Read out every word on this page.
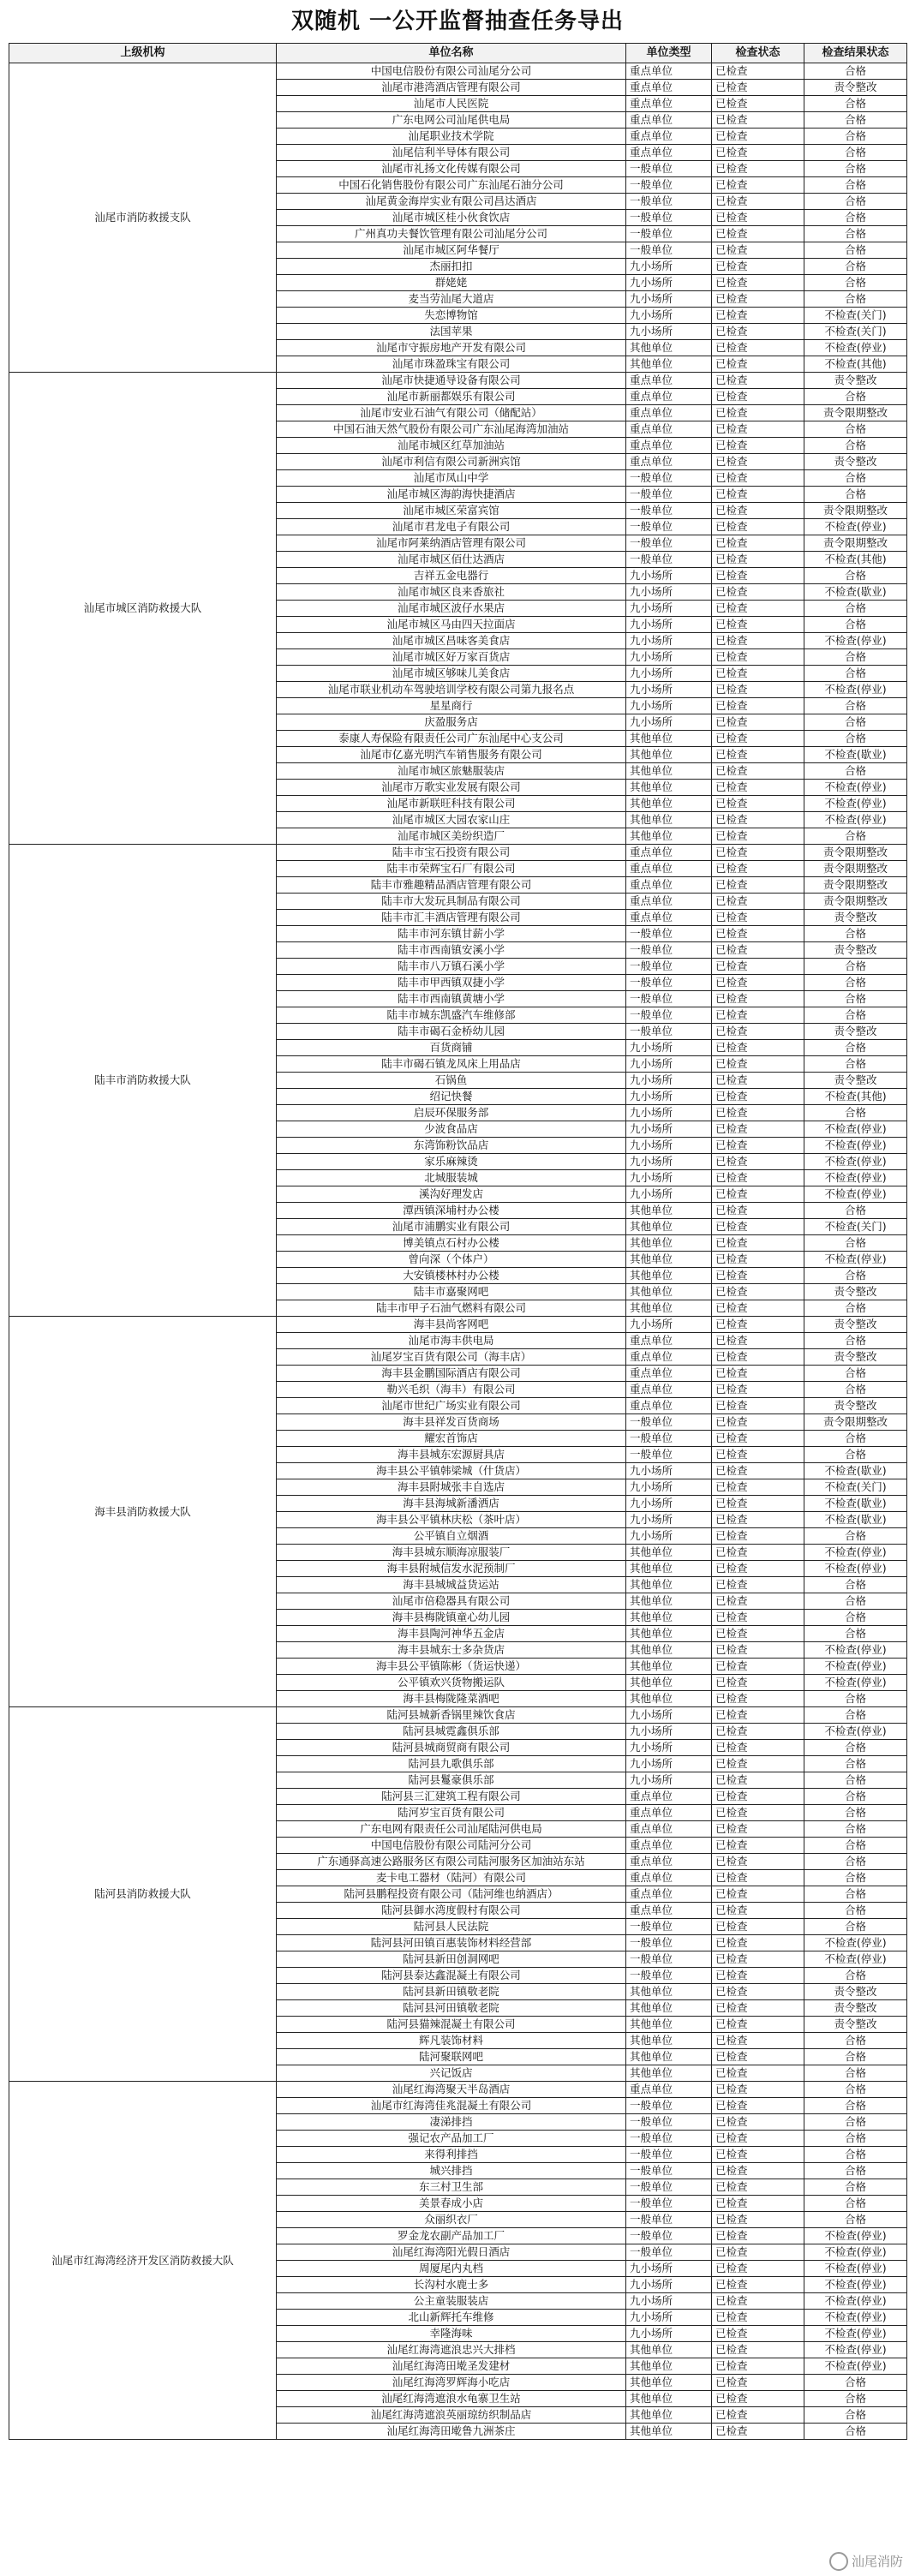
双随机 一公开监督抽查任务导出
上级机构	单位名称	单位类型	检查状态	检查结果状态
汕尾市消防救援支队	中国电信股份有限公司汕尾分公司	重点单位	已检查	合格
	汕尾市港湾酒店管理有限公司	重点单位	已检查	责令整改
	汕尾市人民医院	重点单位	已检查	合格
	广东电网公司汕尾供电局	重点单位	已检查	合格
	汕尾职业技术学院	重点单位	已检查	合格
	汕尾信利半导体有限公司	重点单位	已检查	合格
	汕尾市礼扬文化传媒有限公司	一般单位	已检查	合格
	中国石化销售股份有限公司广东汕尾石油分公司	一般单位	已检查	合格
	汕尾黄金海岸实业有限公司昌达酒店	一般单位	已检查	合格
	汕尾市城区桂小伙食饮店	一般单位	已检查	合格
	广州真功夫餐饮管理有限公司汕尾分公司	一般单位	已检查	合格
	汕尾市城区阿华餐厅	一般单位	已检查	合格
	杰丽扣扣	九小场所	已检查	合格
	群姥姥	九小场所	已检查	合格
	麦当劳汕尾大道店	九小场所	已检查	合格
	失恋博物馆	九小场所	已检查	不检查(关门)
	法国苹果	九小场所	已检查	不检查(关门)
	汕尾市守振房地产开发有限公司	其他单位	已检查	不检查(停业)
	汕尾市珠盈珠宝有限公司	其他单位	已检查	不检查(其他)
汕尾市城区消防救援大队	汕尾市快捷通导设备有限公司	重点单位	已检查	责令整改
	汕尾市新丽都娱乐有限公司	重点单位	已检查	合格
	汕尾市安业石油气有限公司（储配站）	重点单位	已检查	责令限期整改
	中国石油天然气股份有限公司广东汕尾海湾加油站	重点单位	已检查	合格
	汕尾市城区红草加油站	重点单位	已检查	合格
	汕尾市利信有限公司新洲宾馆	重点单位	已检查	责令整改
	汕尾市凤山中学	一般单位	已检查	合格
	汕尾市城区海韵海快捷酒店	一般单位	已检查	合格
	汕尾市城区荣富宾馆	一般单位	已检查	责令限期整改
	汕尾市君龙电子有限公司	一般单位	已检查	不检查(停业)
	汕尾市阿莱纳酒店管理有限公司	一般单位	已检查	责令限期整改
	汕尾市城区佰仕达酒店	一般单位	已检查	不检查(其他)
	吉祥五金电器行	九小场所	已检查	合格
	汕尾市城区良来香旅社	九小场所	已检查	不检查(歇业)
	汕尾市城区波仔水果店	九小场所	已检查	合格
	汕尾市城区马由四天拉面店	九小场所	已检查	合格
	汕尾市城区昌味客美食店	九小场所	已检查	不检查(停业)
	汕尾市城区好万家百货店	九小场所	已检查	合格
	汕尾市城区够味儿美食店	九小场所	已检查	合格
	汕尾市联业机动车驾驶培训学校有限公司第九报名点	九小场所	已检查	不检查(停业)
	星星商行	九小场所	已检查	合格
	庆盈服务店	九小场所	已检查	合格
	泰康人寿保险有限责任公司广东汕尾中心支公司	其他单位	已检查	合格
	汕尾市亿嘉光明汽车销售服务有限公司	其他单位	已检查	不检查(歇业)
	汕尾市城区旅魅服装店	其他单位	已检查	合格
	汕尾市万歌实业发展有限公司	其他单位	已检查	不检查(停业)
	汕尾市新联旺科技有限公司	其他单位	已检查	不检查(停业)
	汕尾市城区大园农家山庄	其他单位	已检查	不检查(停业)
	汕尾市城区美纷织造厂	其他单位	已检查	合格
陆丰市消防救援大队	陆丰市宝石投资有限公司	重点单位	已检查	责令限期整改
	陆丰市荣辉宝石厂有限公司	重点单位	已检查	责令限期整改
	陆丰市雅趣精品酒店管理有限公司	重点单位	已检查	责令限期整改
	陆丰市大发玩具制品有限公司	重点单位	已检查	责令限期整改
	陆丰市汇丰酒店管理有限公司	重点单位	已检查	责令整改
	陆丰市河东镇甘薪小学	一般单位	已检查	合格
	陆丰市西南镇安溪小学	一般单位	已检查	责令整改
	陆丰市八万镇石溪小学	一般单位	已检查	合格
	陆丰市甲西镇双捷小学	一般单位	已检查	合格
	陆丰市西南镇黄塘小学	一般单位	已检查	合格
	陆丰市城东凯盛汽车维修部	一般单位	已检查	合格
	陆丰市碣石金桥幼儿园	一般单位	已检查	责令整改
	百货商铺	九小场所	已检查	合格
	陆丰市碣石镇龙凤床上用品店	九小场所	已检查	合格
	石锅鱼	九小场所	已检查	责令整改
	绍记快餐	九小场所	已检查	不检查(其他)
	启辰环保服务部	九小场所	已检查	合格
	少波食品店	九小场所	已检查	不检查(停业)
	东湾饰粉饮品店	九小场所	已检查	不检查(停业)
	家乐麻辣烫	九小场所	已检查	不检查(停业)
	北城服装城	九小场所	已检查	不检查(停业)
	溪沟好理发店	九小场所	已检查	不检查(停业)
	潭西镇深埔村办公楼	其他单位	已检查	合格
	汕尾市浦鹏实业有限公司	其他单位	已检查	不检查(关门)
	博美镇点石村办公楼	其他单位	已检查	合格
	曾向深（个体户）	其他单位	已检查	不检查(停业)
	大安镇楼林村办公楼	其他单位	已检查	合格
	陆丰市嘉聚网吧	其他单位	已检查	责令整改
	陆丰市甲子石油气燃料有限公司	其他单位	已检查	合格
海丰县消防救援大队	海丰县尚客网吧	九小场所	已检查	责令整改
	汕尾市海丰供电局	重点单位	已检查	合格
	汕尾岁宝百货有限公司（海丰店）	重点单位	已检查	责令整改
	海丰县金鹏国际酒店有限公司	重点单位	已检查	合格
	勒兴毛织（海丰）有限公司	重点单位	已检查	合格
	汕尾市世纪广场实业有限公司	重点单位	已检查	责令整改
	海丰县祥发百货商场	一般单位	已检查	责令限期整改
	耀宏首饰店	一般单位	已检查	合格
	海丰县城东宏源厨具店	一般单位	已检查	合格
	海丰县公平镇韩梁城（什货店）	九小场所	已检查	不检查(歇业)
	海丰县附城张丰自选店	九小场所	已检查	不检查(关门)
	海丰县海城新潘洒店	九小场所	已检查	不检查(歇业)
	海丰县公平镇林庆松（茶叶店）	九小场所	已检查	不检查(歇业)
	公平镇自立烟酒	九小场所	已检查	合格
	海丰县城东顺海凉服装厂	其他单位	已检查	不检查(停业)
	海丰县附城信发水泥预制厂	其他单位	已检查	不检查(停业)
	海丰县城城益货运站	其他单位	已检查	合格
	汕尾市倍稳器具有限公司	其他单位	已检查	合格
	海丰县梅陇镇童心幼儿园	其他单位	已检查	合格
	海丰县陶河神华五金店	其他单位	已检查	合格
	海丰县城东士多杂货店	其他单位	已检查	不检查(停业)
	海丰县公平镇陈彬（货运快递）	其他单位	已检查	不检查(停业)
	公平镇欢兴货物搬运队	其他单位	已检查	不检查(停业)
	海丰县梅陇隆菜酒吧	其他单位	已检查	合格
陆河县消防救援大队	陆河县城新香锅里辣饮食店	九小场所	已检查	合格
	陆河县城霓鑫俱乐部	九小场所	已检查	不检查(停业)
	陆河县城商贸商有限公司	九小场所	已检查	合格
	陆河县九歌俱乐部	九小场所	已检查	合格
	陆河县鬘豪俱乐部	九小场所	已检查	合格
	陆河县三汇建筑工程有限公司	重点单位	已检查	合格
	陆河岁宝百货有限公司	重点单位	已检查	合格
	广东电网有限责任公司汕尾陆河供电局	重点单位	已检查	合格
	中国电信股份有限公司陆河分公司	重点单位	已检查	合格
	广东通驿高速公路服务区有限公司陆河服务区加油站东站	重点单位	已检查	合格
	麦卡电工器材（陆河）有限公司	重点单位	已检查	合格
	陆河县鹏程投资有限公司（陆河维也纳酒店）	重点单位	已检查	合格
	陆河县御水湾度假村有限公司	重点单位	已检查	合格
	陆河县人民法院	一般单位	已检查	合格
	陆河县河田镇百惠装饰材料经营部	一般单位	已检查	不检查(停业)
	陆河县新田创洞网吧	一般单位	已检查	不检查(停业)
	陆河县泰达鑫混凝土有限公司	一般单位	已检查	合格
	陆河县新田镇敬老院	其他单位	已检查	责令整改
	陆河县河田镇敬老院	其他单位	已检查	责令整改
	陆河县猫辣混凝土有限公司	其他单位	已检查	责令整改
	辉凡装饰材料	其他单位	已检查	合格
	陆河聚联网吧	其他单位	已检查	合格
	兴记饭店	其他单位	已检查	合格
汕尾市红海湾经济开发区消防救援大队	汕尾红海湾聚天半岛酒店	重点单位	已检查	合格
	汕尾市红海湾佳兆混凝土有限公司	一般单位	已检查	合格
	凄涕排挡	一般单位	已检查	合格
	强记农产品加工厂	一般单位	已检查	合格
	来得利排挡	一般单位	已检查	合格
	城兴排挡	一般单位	已检查	合格
	东三村卫生部	一般单位	已检查	合格
	美景春成小店	一般单位	已检查	合格
	众丽织衣厂	一般单位	已检查	合格
	罗金龙农副产品加工厂	一般单位	已检查	不检查(停业)
	汕尾红海湾阳光假日酒店	一般单位	已检查	不检查(停业)
	周厦尾内丸档	九小场所	已检查	不检查(停业)
	长沟村水鹿士多	九小场所	已检查	不检查(停业)
	公主童装服装店	九小场所	已检查	不检查(停业)
	北山新辉托车维修	九小场所	已检查	不检查(停业)
	幸隆海味	九小场所	已检查	不检查(停业)
	汕尾红海湾遮浪忠兴大排档	其他单位	已检查	不检查(停业)
	汕尾红海湾田墘圣发建材	其他单位	已检查	不检查(停业)
	汕尾红海湾罗辉海小吃店	其他单位	已检查	合格
	汕尾红海湾遮浪水龟寨卫生站	其他单位	已检查	合格
	汕尾红海湾遮浪英丽琼纺织制品店	其他单位	已检查	合格
	汕尾红海湾田墘鲁九洲茶庄	其他单位	已检查	合格
汕尾消防
